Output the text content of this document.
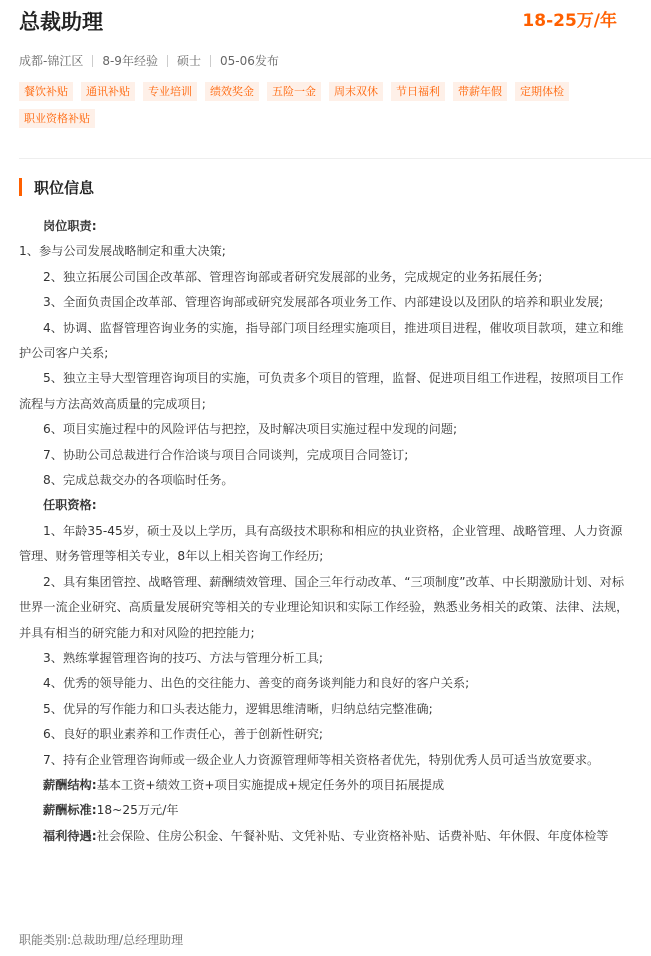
总裁助理	18-25万/年
成都-锦江区 8-9年经验 硕士 05-06发布
餐饮补贴	通讯补贴	专业培训	绩效奖金	五险一金	周末双休	节日福利	带薪年假	定期体检
职业资格补贴
职位信息

岗位职责:

1、参与公司发展战略制定和重大决策;

2、独立拓展公司国企改革部、管理咨询部或者研究发展部的业务，完成规定的业务拓展任务;

3、全面负责国企改革部、管理咨询部或研究发展部各项业务工作、内部建设以及团队的培养和职业发展;

4、协调、监督管理咨询业务的实施，指导部门项目经理实施项目，推进项目进程，催收项目款项，建立和维护公司客户关系;

5、独立主导大型管理咨询项目的实施，可负责多个项目的管理，监督、促进项目组工作进程，按照项目工作流程与方法高效高质量的完成项目;

6、项目实施过程中的风险评估与把控，及时解决项目实施过程中发现的问题;

7、协助公司总裁进行合作洽谈与项目合同谈判，完成项目合同签订;

8、完成总裁交办的各项临时任务。

任职资格:

1、年龄35-45岁，硕士及以上学历，具有高级技术职称和相应的执业资格，企业管理、战略管理、人力资源管理、财务管理等相关专业，8年以上相关咨询工作经历;

2、具有集团管控、战略管理、薪酬绩效管理、国企三年行动改革、“三项制度”改革、中长期激励计划、对标世界一流企业研究、高质量发展研究等相关的专业理论知识和实际工作经验，熟悉业务相关的政策、法律、法规，并具有相当的研究能力和对风险的把控能力;

3、熟练掌握管理咨询的技巧、方法与管理分析工具;

4、优秀的领导能力、出色的交往能力、善变的商务谈判能力和良好的客户关系;

5、优异的写作能力和口头表达能力，逻辑思维清晰，归纳总结完整准确;

6、良好的职业素养和工作责任心，善于创新性研究;

7、持有企业管理咨询师或一级企业人力资源管理师等相关资格者优先，特别优秀人员可适当放宽要求。

薪酬结构:基本工资+绩效工资+项目实施提成+规定任务外的项目拓展提成

薪酬标准:18~25万元/年

福利待遇:社会保险、住房公积金、午餐补贴、文凭补贴、专业资格补贴、话费补贴、年休假、年度体检等

职能类别:总裁助理/总经理助理
